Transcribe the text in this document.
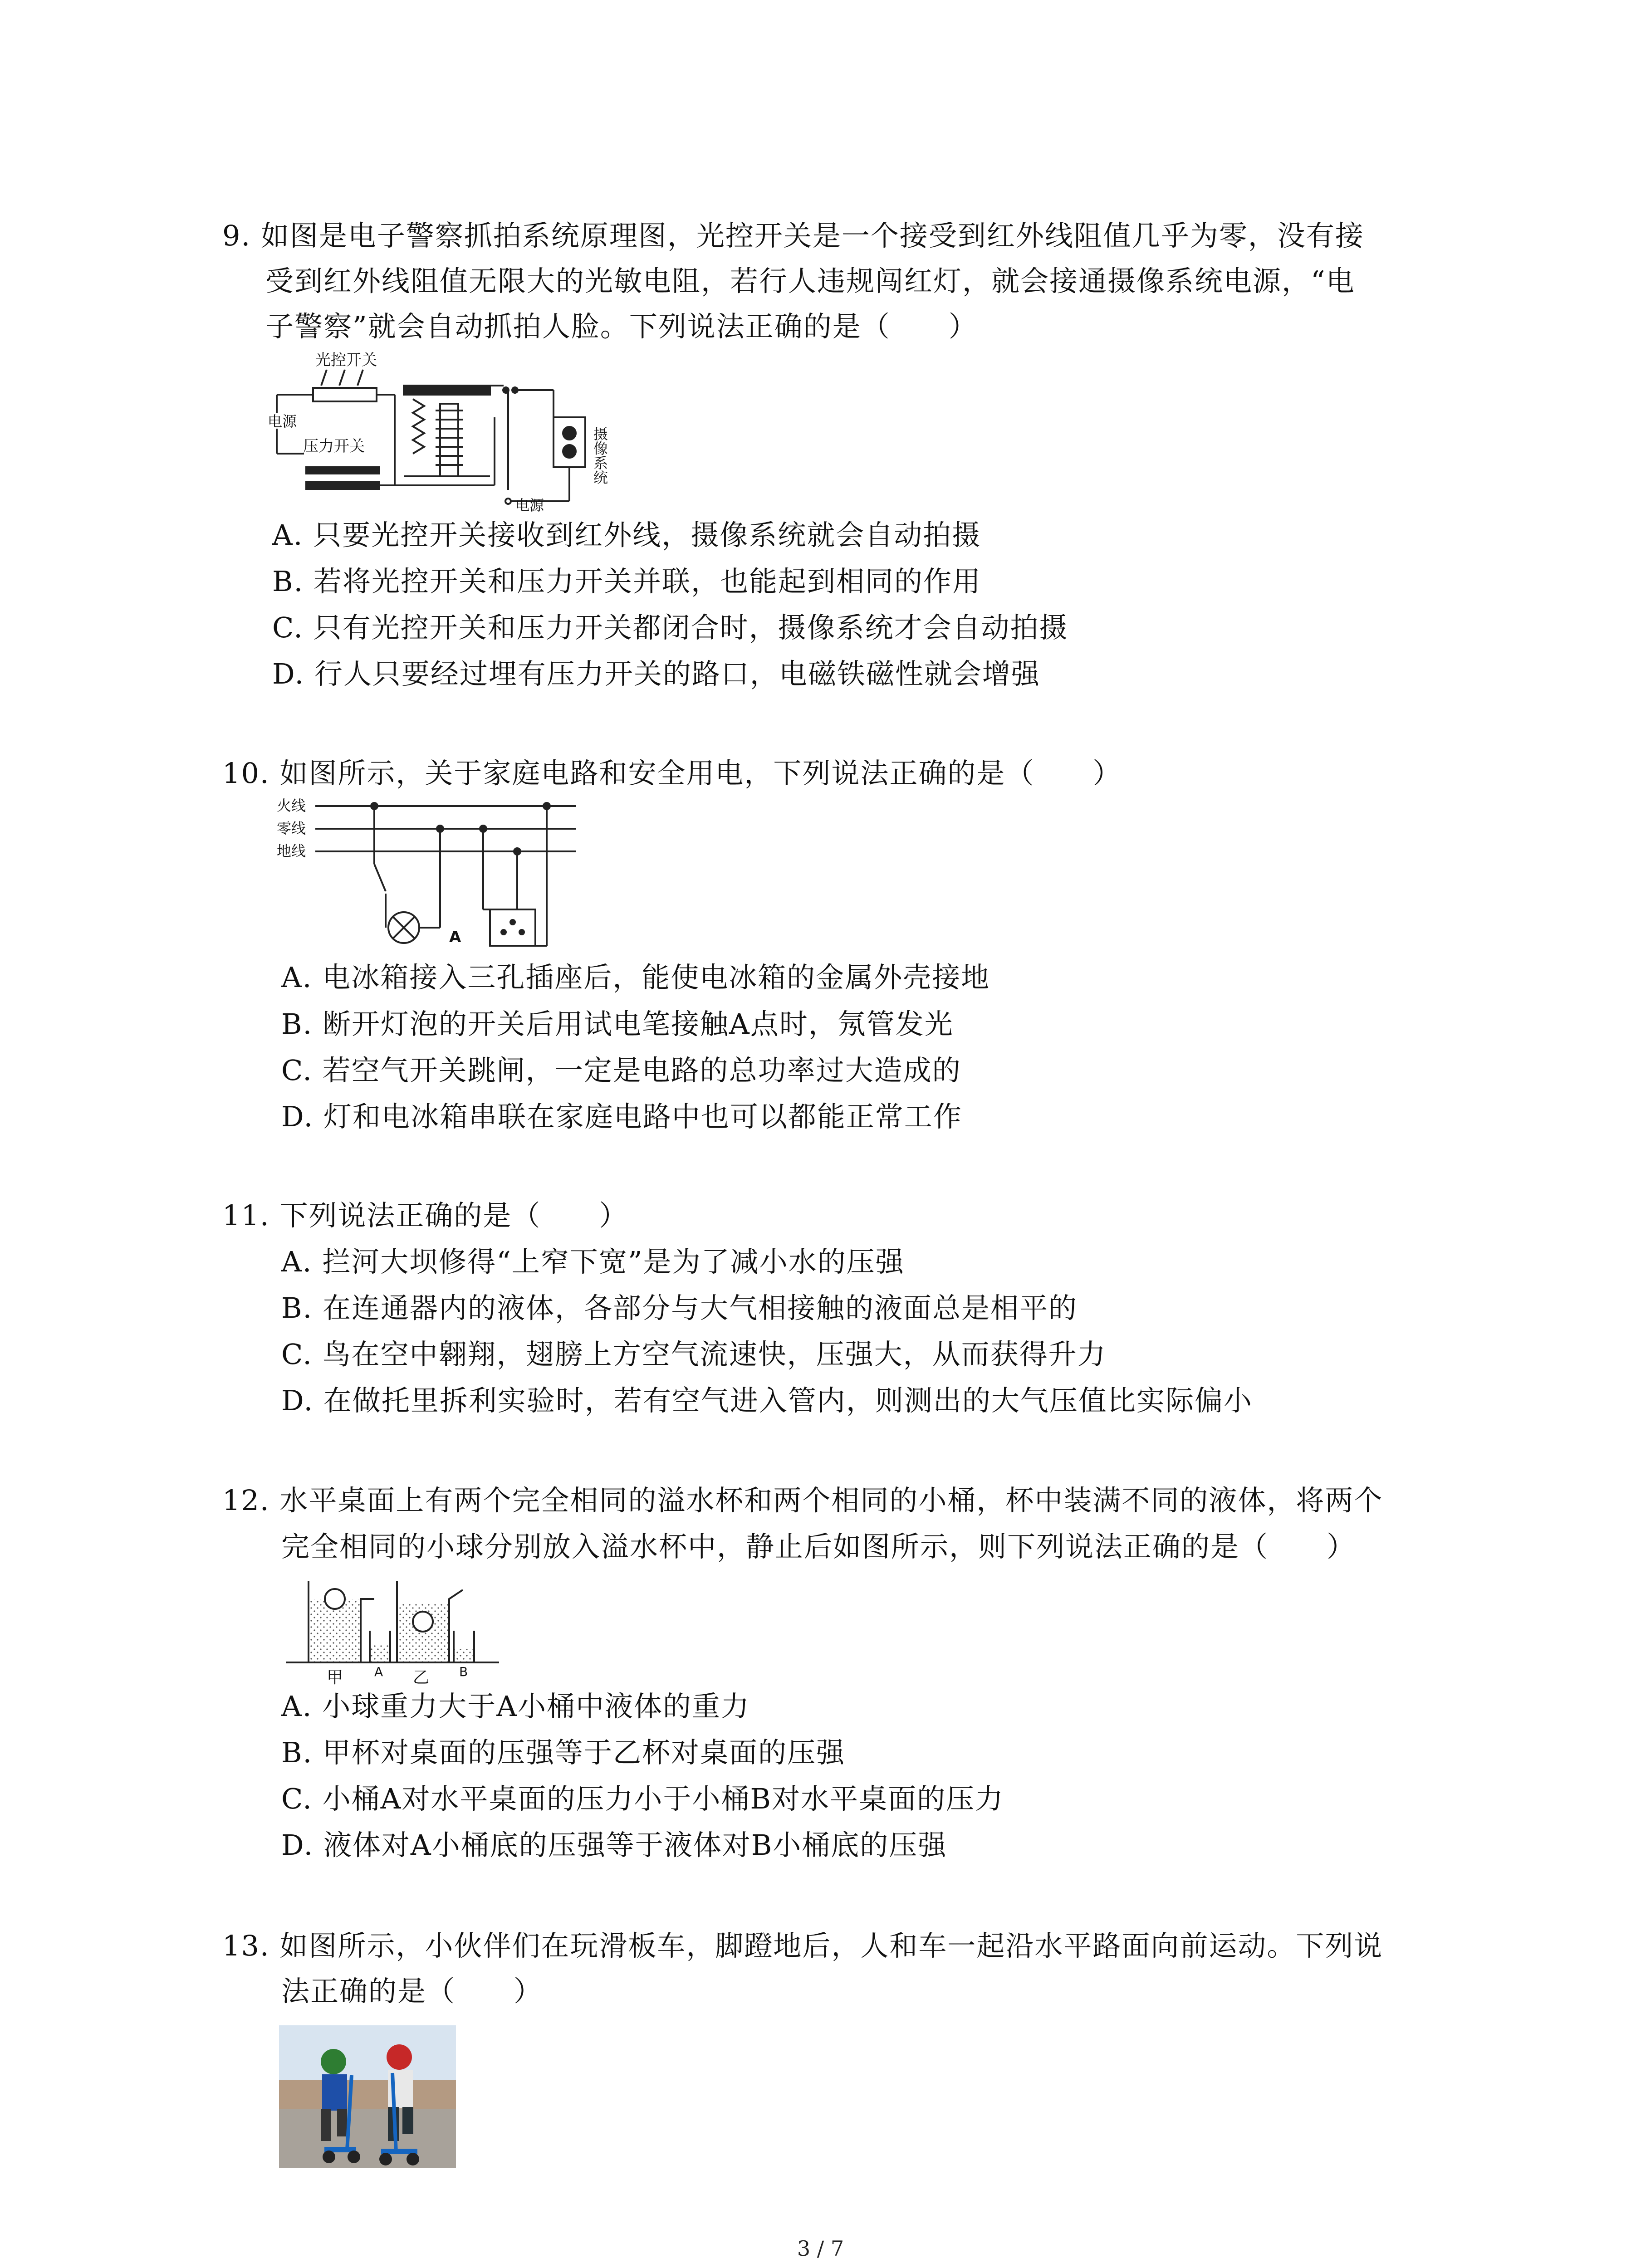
9. 如图是电子警察抓拍系统原理图，光控开关是一个接受到红外线阻值几乎为零，没有接
受到红外线阻值无限大的光敏电阻，若行人违规闯红灯，就会接通摄像系统电源，“电
子警察”就会自动抓拍人脸。下列说法正确的是（　　）
光控开关
电源
压力开关	摄像系统
电源
A. 只要光控开关接收到红外线，摄像系统就会自动拍摄
B. 若将光控开关和压力开关并联，也能起到相同的作用
C. 只有光控开关和压力开关都闭合时，摄像系统才会自动拍摄
D. 行人只要经过埋有压力开关的路口，电磁铁磁性就会增强
10. 如图所示，关于家庭电路和安全用电，下列说法正确的是（　　）
火线
零线
地线
A
A. 电冰箱接入三孔插座后，能使电冰箱的金属外壳接地
B. 断开灯泡的开关后用试电笔接触A点时，氖管发光
C. 若空气开关跳闸，一定是电路的总功率过大造成的
D. 灯和电冰箱串联在家庭电路中也可以都能正常工作
11. 下列说法正确的是（　　）
A. 拦河大坝修得“上窄下宽”是为了减小水的压强
B. 在连通器内的液体，各部分与大气相接触的液面总是相平的
C. 鸟在空中翱翔，翅膀上方空气流速快，压强大，从而获得升力
D. 在做托里拆利实验时，若有空气进入管内，则测出的大气压值比实际偏小
12. 水平桌面上有两个完全相同的溢水杯和两个相同的小桶，杯中装满不同的液体，将两个
完全相同的小球分别放入溢水杯中，静止后如图所示，则下列说法正确的是（　　）
甲 A 乙 B
A. 小球重力大于A小桶中液体的重力
B. 甲杯对桌面的压强等于乙杯对桌面的压强
C. 小桶A对水平桌面的压力小于小桶B对水平桌面的压力
D. 液体对A小桶底的压强等于液体对B小桶底的压强
13. 如图所示，小伙伴们在玩滑板车，脚蹬地后，人和车一起沿水平路面向前运动。下列说
法正确的是（　　）
3 / 7
